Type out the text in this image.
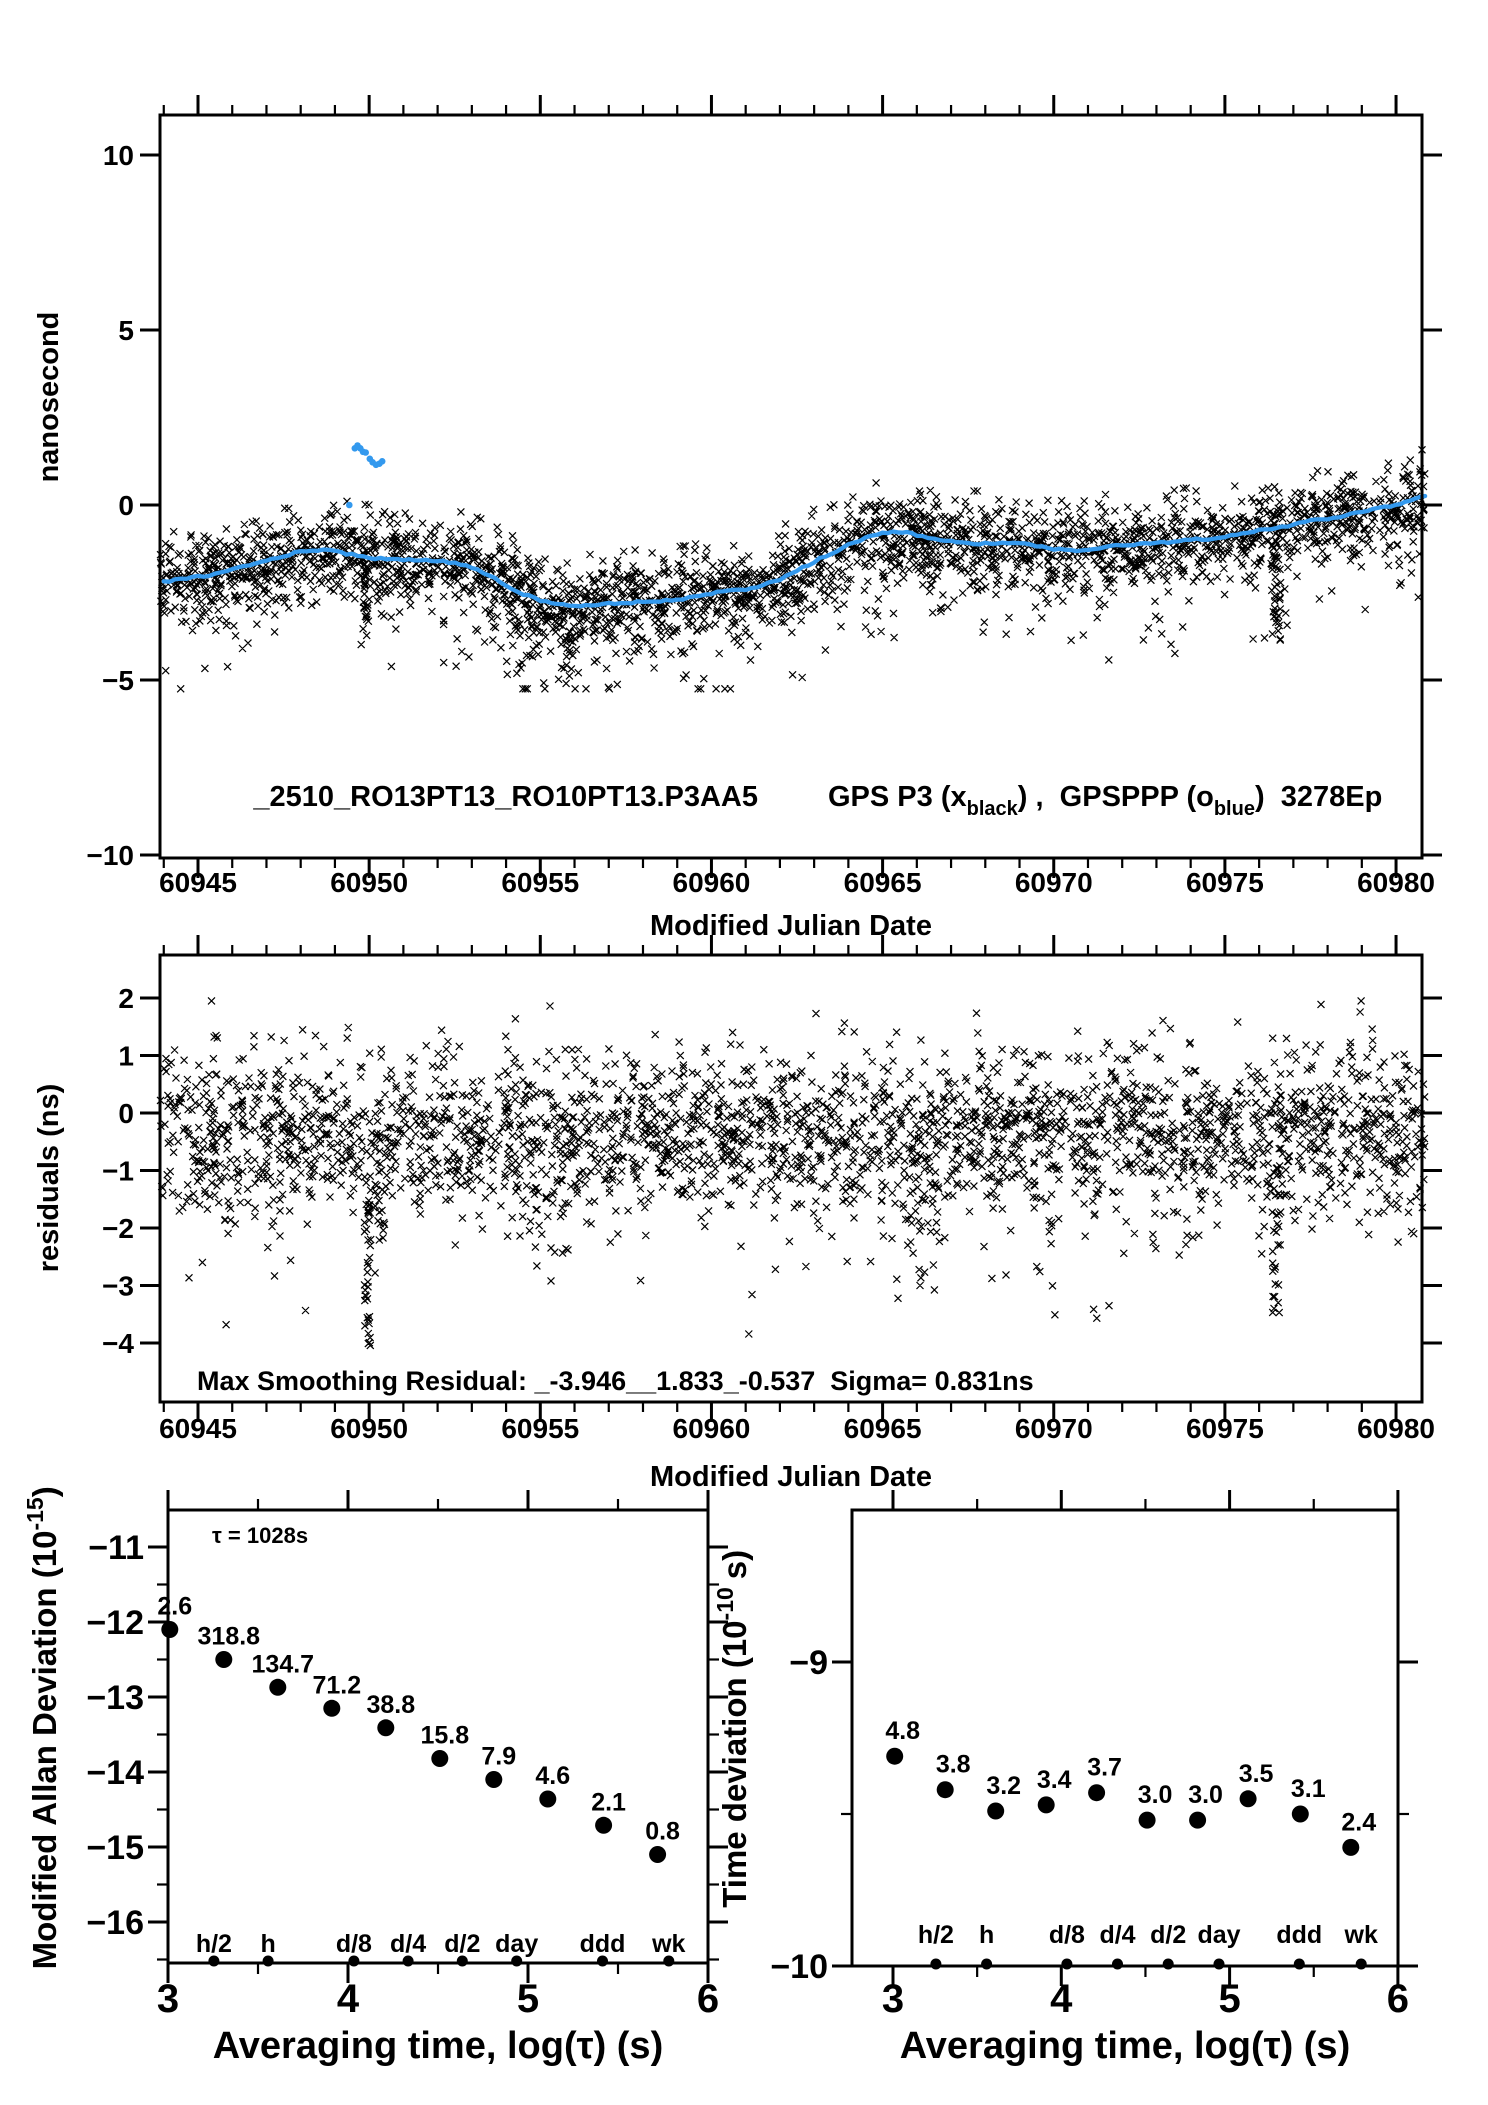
60945	60950	60955	60960	60965	60970	60975	60980
−10
−5
0
5
10
nanosecond
Modified Julian Date
_2510_RO13PT13_RO10PT13.P3AA5 GPS P3 $(x_{black})$ ,  GPSPPP $(o_{blue})$  3278Ep
60945	60950	60955	60960	60965	60970	60975	60980
2
1
0
−1
−2
−3
−4
residuals (ns)
Modified Julian Date
Max Smoothing Residual: _-3.946__1.833_-0.537  Sigma= 0.831ns
3	4	5	6
−11
−12
−13
−14
−15
−16
2.6
318.8
134.7
71.2
38.8
15.8
7.9
4.6
2.1
0.8
h/2 h d/8 d/4 d/2 day ddd wk
Modified Allan Deviation $(10^{-15})$
Averaging time, log(τ) (s)
τ = 1028s
3	4	5	6
−9
−10
4.8
3.8
3.2 3.4 3.7
3.0 3.0
3.5
3.1
2.4
h/2 h d/8 d/4 d/2 day ddd wk
Time deviation $(10^{-10}s)$
Averaging time, log(τ) (s)
